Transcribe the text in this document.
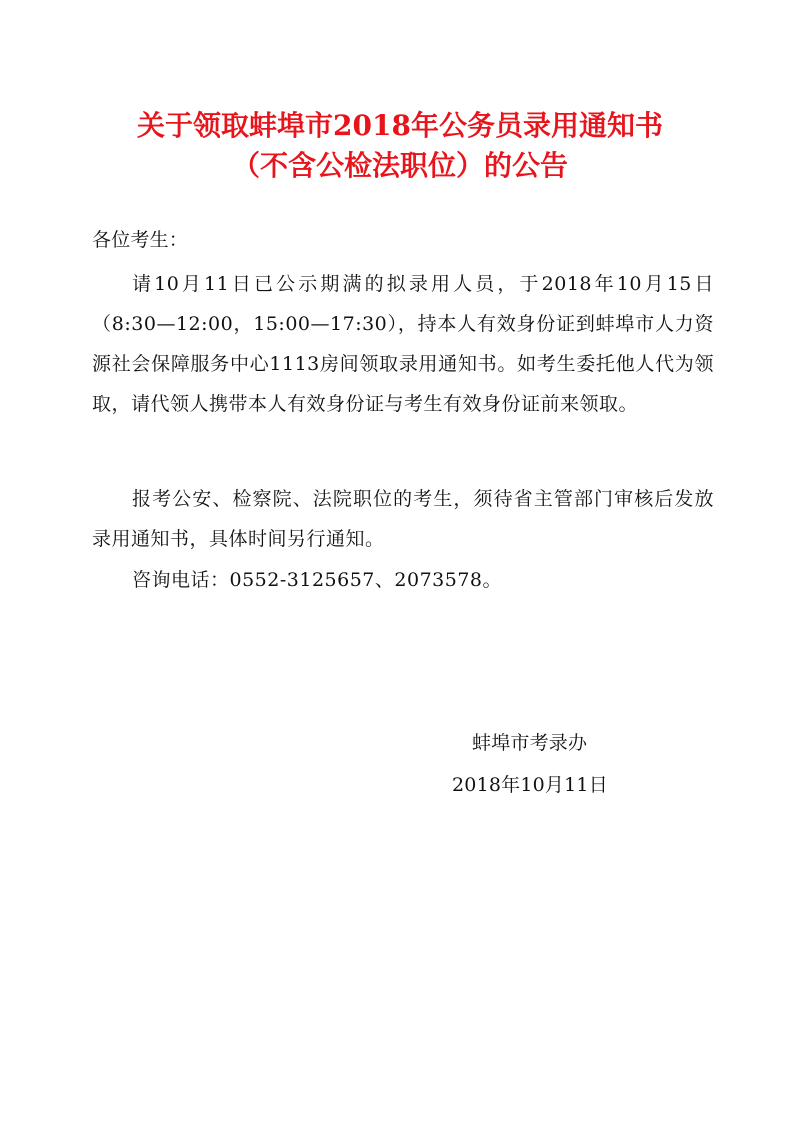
关于领取蚌埠市2018年公务员录用通知书
（不含公检法职位）的公告
各位考生：
请10月11日已公示期满的拟录用人员，于2018年10月15日（8:30—12:00，15:00—17:30），持本人有效身份证到蚌埠市人力资源社会保障服务中心1113房间领取录用通知书。如考生委托他人代为领取，请代领人携带本人有效身份证与考生有效身份证前来领取。
报考公安、检察院、法院职位的考生，须待省主管部门审核后发放录用通知书，具体时间另行通知。
咨询电话：0552-3125657、2073578。
蚌埠市考录办
2018年10月11日
